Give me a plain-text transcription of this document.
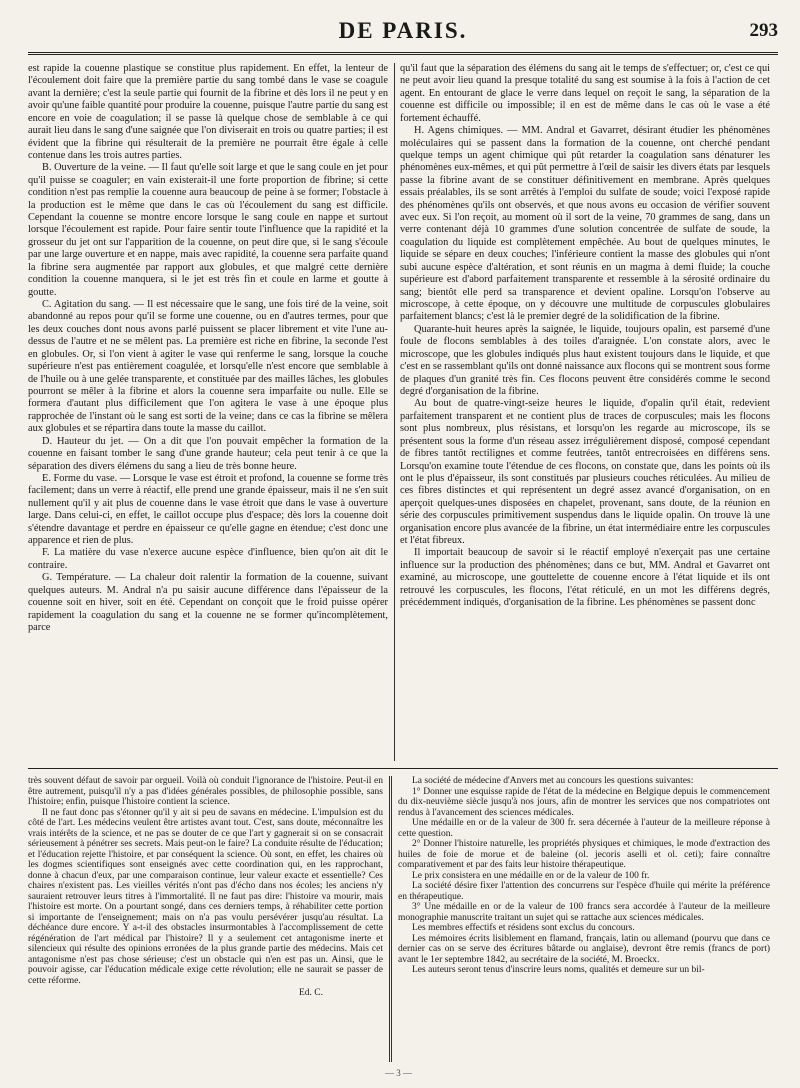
DE PARIS.	293

est rapide la couenne plastique se constitue plus rapidement. En effet, la lenteur de l'écoulement doit faire que la première partie du sang tombé dans le vase se coagule avant la dernière; c'est la seule partie qui fournit de la fibrine et dès lors il ne peut y en avoir qu'une faible quantité pour produire la couenne, puisque l'autre partie du sang est encore en voie de coagulation; il se passe là quelque chose de semblable à ce qui aurait lieu dans le sang d'une saignée que l'on diviserait en trois ou quatre parties; il est évident que la fibrine qui résulterait de la première ne pourrait être égale à celle contenue dans les trois autres parties.

B. Ouverture de la veine. — Il faut qu'elle soit large et que le sang coule en jet pour qu'il puisse se coaguler; en vain existerait-il une forte proportion de fibrine; si cette condition n'est pas remplie la couenne aura beaucoup de peine à se former; l'obstacle à la production est le même que dans le cas où l'écoulement du sang est difficile. Cependant la couenne se montre encore lorsque le sang coule en nappe et surtout lorsque l'écoulement est rapide. Pour faire sentir toute l'influence que la rapidité et la grosseur du jet ont sur l'apparition de la couenne, on peut dire que, si le sang s'écoule par une large ouverture et en nappe, mais avec rapidité, la couenne sera parfaite quand la fibrine sera augmentée par rapport aux globules, et que malgré cette dernière condition la couenne manquera, si le jet est très fin et coule en larme et goutte à goutte.

C. Agitation du sang. — Il est nécessaire que le sang, une fois tiré de la veine, soit abandonné au repos pour qu'il se forme une couenne, ou en d'autres termes, pour que les deux couches dont nous avons parlé puissent se placer librement et vite l'une au-dessus de l'autre et ne se mêlent pas. La première est riche en fibrine, la seconde l'est en globules. Or, si l'on vient à agiter le vase qui renferme le sang, lorsque la couche supérieure n'est pas entièrement coagulée, et lorsqu'elle n'est encore que semblable à de l'huile ou à une gelée transparente, et constituée par des mailles lâches, les globules pourront se mêler à la fibrine et alors la couenne sera imparfaite ou nulle. Elle se formera d'autant plus difficilement que l'on agitera le vase à une époque plus rapprochée de l'instant où le sang est sorti de la veine; dans ce cas la fibrine se mêlera aux globules et se répartira dans toute la masse du caillot.

D. Hauteur du jet. — On a dit que l'on pouvait empêcher la formation de la couenne en faisant tomber le sang d'une grande hauteur; cela peut tenir à ce que la séparation des divers élémens du sang a lieu de très bonne heure.

E. Forme du vase. — Lorsque le vase est étroit et profond, la couenne se forme très facilement; dans un verre à réactif, elle prend une grande épaisseur, mais il ne s'en suit nullement qu'il y ait plus de couenne dans le vase étroit que dans le vase à ouverture large. Dans celui-ci, en effet, le caillot occupe plus d'espace; dès lors la couenne doit s'étendre davantage et perdre en épaisseur ce qu'elle gagne en étendue; c'est donc une apparence et rien de plus.

F. La matière du vase n'exerce aucune espèce d'influence, bien qu'on ait dit le contraire.

G. Température. — La chaleur doit ralentir la formation de la couenne, suivant quelques auteurs. M. Andral n'a pu saisir aucune différence dans l'épaisseur de la couenne soit en hiver, soit en été. Cependant on conçoit que le froid puisse opérer rapidement la coagulation du sang et la couenne ne se former qu'incomplètement, parce

qu'il faut que la séparation des élémens du sang ait le temps de s'effectuer; or, c'est ce qui ne peut avoir lieu quand la presque totalité du sang est soumise à la fois à l'action de cet agent. En entourant de glace le verre dans lequel on reçoit le sang, la séparation de la couenne est difficile ou impossible; il en est de même dans le cas où le vase a été fortement échauffé.

H. Agens chimiques. — MM. Andral et Gavarret, désirant étudier les phénomènes moléculaires qui se passent dans la formation de la couenne, ont cherché pendant quelque temps un agent chimique qui pût retarder la coagulation sans dénaturer les phénomènes eux-mêmes, et qui pût permettre à l'œil de saisir les divers états par lesquels passe la fibrine avant de se constituer définitivement en membrane. Après quelques essais préalables, ils se sont arrêtés à l'emploi du sulfate de soude; voici l'exposé rapide des phénomènes qu'ils ont observés, et que nous avons eu occasion de vérifier souvent avec eux. Si l'on reçoit, au moment où il sort de la veine, 70 grammes de sang, dans un verre contenant déjà 10 grammes d'une solution concentrée de sulfate de soude, la coagulation du liquide est complètement empêchée. Au bout de quelques minutes, le liquide se sépare en deux couches; l'inférieure contient la masse des globules qui n'ont subi aucune espèce d'altération, et sont réunis en un magma à demi fluide; la couche supérieure est d'abord parfaitement transparente et ressemble à la sérosité ordinaire du sang; bientôt elle perd sa transparence et devient opaline. Lorsqu'on l'observe au microscope, à cette époque, on y découvre une multitude de corpuscules globulaires parfaitement blancs; c'est là le premier degré de la solidification de la fibrine.

Quarante-huit heures après la saignée, le liquide, toujours opalin, est parsemé d'une foule de flocons semblables à des toiles d'araignée. L'on constate alors, avec le microscope, que les globules indiqués plus haut existent toujours dans le liquide, et que c'est en se rassemblant qu'ils ont donné naissance aux flocons qui se montrent sous forme de plaques d'un granité très fin. Ces flocons peuvent être considérés comme le second degré d'organisation de la fibrine.

Au bout de quatre-vingt-seize heures le liquide, d'opalin qu'il était, redevient parfaitement transparent et ne contient plus de traces de corpuscules; mais les flocons sont plus nombreux, plus résistans, et lorsqu'on les regarde au microscope, ils se présentent sous la forme d'un réseau assez irrégulièrement disposé, composé cependant de fibres tantôt rectilignes et comme feutrées, tantôt entrecroisées en différens sens. Lorsqu'on examine toute l'étendue de ces flocons, on constate que, dans les points où ils ont le plus d'épaisseur, ils sont constitués par plusieurs couches réticulées. Au milieu de ces fibres distinctes et qui représentent un degré assez avancé d'organisation, on en aperçoit quelques-unes disposées en chapelet, provenant, sans doute, de la réunion en série des corpuscules primitivement suspendus dans le liquide opalin. On trouve là une organisation encore plus avancée de la fibrine, un état intermédiaire entre les corpuscules et l'état fibreux.

Il importait beaucoup de savoir si le réactif employé n'exerçait pas une certaine influence sur la production des phénomènes; dans ce but, MM. Andral et Gavarret ont examiné, au microscope, une gouttelette de couenne encore à l'état liquide et ils ont retrouvé les corpuscules, les flocons, l'état réticulé, en un mot les différens degrés, précédemment indiqués, d'organisation de la fibrine. Les phénomènes se passent donc

très souvent défaut de savoir par orgueil. Voilà où conduit l'ignorance de l'histoire. Peut-il en être autrement, puisqu'il n'y a pas d'idées générales possibles, de philosophie possible, sans l'histoire; enfin, puisque l'histoire contient la science.

Il ne faut donc pas s'étonner qu'il y ait si peu de savans en médecine. L'impulsion est du côté de l'art. Les médecins veulent être artistes avant tout. C'est, sans doute, méconnaître les vrais intérêts de la science, et ne pas se douter de ce que l'art y gagnerait si on se consacrait sérieusement à pénétrer ses secrets. Mais peut-on le faire? La conduite résulte de l'éducation; et l'éducation rejette l'histoire, et par conséquent la science. Où sont, en effet, les chaires où les dogmes scientifiques sont enseignés avec cette coordination qui, en les rapprochant, donne à chacun d'eux, par une comparaison continue, leur valeur exacte et essentielle? Ces chaires n'existent pas. Les vieilles vérités n'ont pas d'écho dans nos écoles; les anciens n'y sauraient retrouver leurs titres à l'immortalité. Il ne faut pas dire: l'histoire va mourir, mais l'histoire est morte. On a pourtant songé, dans ces derniers temps, à réhabiliter cette portion si importante de l'enseignement; mais on n'a pas voulu persévérer jusqu'au résultat. La déchéance dure encore. Y a-t-il des obstacles insurmontables à l'accomplissement de cette régénération de l'art médical par l'histoire? Il y a seulement cet antagonisme inerte et silencieux qui résulte des opinions erronées de la plus grande partie des médecins. Mais cet antagonisme n'est pas chose sérieuse; c'est un obstacle qui n'en est pas un. Ainsi, que le pouvoir agisse, car l'éducation médicale exige cette révolution; elle ne saurait se passer de cette réforme.

Ed. C.

La société de médecine d'Anvers met au concours les questions suivantes:

1° Donner une esquisse rapide de l'état de la médecine en Belgique depuis le commencement du dix-neuvième siècle jusqu'à nos jours, afin de montrer les services que nos compatriotes ont rendus à l'avancement des sciences médicales.

Une médaille en or de la valeur de 300 fr. sera décernée à l'auteur de la meilleure réponse à cette question.

2° Donner l'histoire naturelle, les propriétés physiques et chimiques, le mode d'extraction des huiles de foie de morue et de baleine (ol. jecoris aselli et ol. ceti); faire connaître comparativement et par des faits leur histoire thérapeutique.

Le prix consistera en une médaille en or de la valeur de 100 fr.

La société désire fixer l'attention des concurrens sur l'espèce d'huile qui mérite la préférence en thérapeutique.

3° Une médaille en or de la valeur de 100 francs sera accordée à l'auteur de la meilleure monographie manuscrite traitant un sujet qui se rattache aux sciences médicales.

Les membres effectifs et résidens sont exclus du concours.

Les mémoires écrits lisiblement en flamand, français, latin ou allemand (pourvu que dans ce dernier cas on se serve des écritures bâtarde ou anglaise), devront être remis (francs de port) avant le 1er septembre 1842, au secrétaire de la société, M. Broeckx.

Les auteurs seront tenus d'inscrire leurs noms, qualités et demeure sur un bil-

— 3 —
